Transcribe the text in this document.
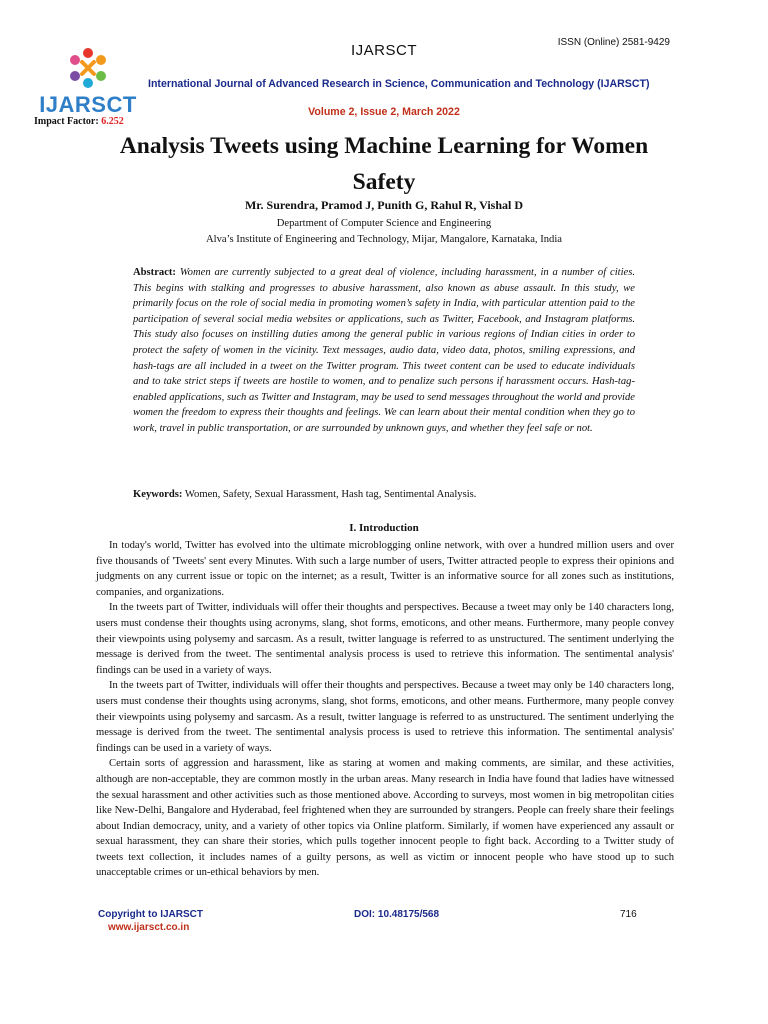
IJARSCT
Impact Factor: 6.252
IJARSCT	ISSN (Online) 2581-9429
International Journal of Advanced Research in Science, Communication and Technology (IJARSCT)
Volume 2, Issue 2, March 2022
Analysis Tweets using Machine Learning for Women Safety
Mr. Surendra, Pramod J, Punith G, Rahul R, Vishal D
Department of Computer Science and Engineering
Alva’s Institute of Engineering and Technology, Mijar, Mangalore, Karnataka, India

Abstract: Women are currently subjected to a great deal of violence, including harassment, in a number of cities. This begins with stalking and progresses to abusive harassment, also known as abuse assault. In this study, we primarily focus on the role of social media in promoting women’s safety in India, with particular attention paid to the participation of several social media websites or applications, such as Twitter, Facebook, and Instagram platforms. This study also focuses on instilling duties among the general public in various regions of Indian cities in order to protect the safety of women in the vicinity. Text messages, audio data, video data, photos, smiling expressions, and hash-tags are all included in a tweet on the Twitter program. This tweet content can be used to educate individuals and to take strict steps if tweets are hostile to women, and to penalize such persons if harassment occurs. Hash-tag-enabled applications, such as Twitter and Instagram, may be used to send messages throughout the world and provide women the freedom to express their thoughts and feelings. We can learn about their mental condition when they go to work, travel in public transportation, or are surrounded by unknown guys, and whether they feel safe or not.

Keywords: Women, Safety, Sexual Harassment, Hash tag, Sentimental Analysis.
I. Introduction

In today's world, Twitter has evolved into the ultimate microblogging online network, with over a hundred million users and over five thousands of 'Tweets' sent every Minutes. With such a large number of users, Twitter attracted people to express their opinions and judgments on any current issue or topic on the internet; as a result, Twitter is an informative source for all zones such as institutions, companies, and organizations.

In the tweets part of Twitter, individuals will offer their thoughts and perspectives. Because a tweet may only be 140 characters long, users must condense their thoughts using acronyms, slang, shot forms, emoticons, and other means. Furthermore, many people convey their viewpoints using polysemy and sarcasm. As a result, twitter language is referred to as unstructured. The sentiment underlying the message is derived from the tweet. The sentimental analysis process is used to retrieve this information. The sentimental analysis' findings can be used in a variety of ways.

In the tweets part of Twitter, individuals will offer their thoughts and perspectives. Because a tweet may only be 140 characters long, users must condense their thoughts using acronyms, slang, shot forms, emoticons, and other means. Furthermore, many people convey their viewpoints using polysemy and sarcasm. As a result, twitter language is referred to as unstructured. The sentiment underlying the message is derived from the tweet. The sentimental analysis process is used to retrieve this information. The sentimental analysis' findings can be used in a variety of ways.

Certain sorts of aggression and harassment, like as staring at women and making comments, are similar, and these activities, although are non-acceptable, they are common mostly in the urban areas. Many research in India have found that ladies have witnessed the sexual harassment and other activities such as those mentioned above. According to surveys, most women in big metropolitan cities like New-Delhi, Bangalore and Hyderabad, feel frightened when they are surrounded by strangers. People can freely share their feelings about Indian democracy, unity, and a variety of other topics via Online platform. Similarly, if women have experienced any assault or sexual harassment, they can share their stories, which pulls together innocent people to fight back. According to a Twitter study of tweets text collection, it includes names of a guilty persons, as well as victim or innocent people who have stood up to such unacceptable crimes or un-ethical behaviors by men.

Copyright to IJARSCT
www.ijarsct.co.in
DOI: 10.48175/568	716
